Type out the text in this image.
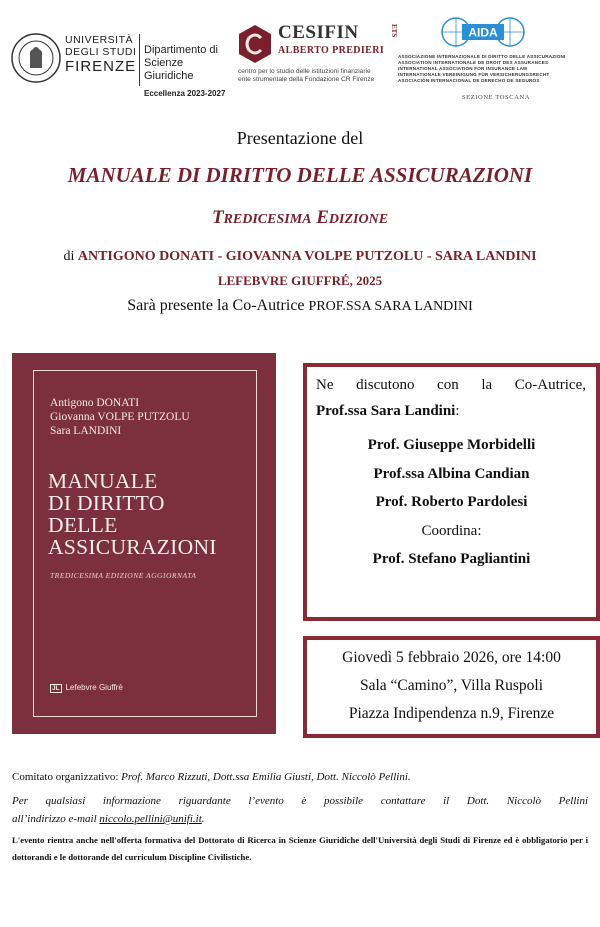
UNIVERSITÀ
DEGLI STUDI
FIRENZE
Dipartimento di
Scienze Giuridiche
Eccellenza 2023-2027
CESIFIN	ETS
ALBERTO PREDIERI
centro per lo studio delle istituzioni finanziarie
ente strumentale della Fondazione CR Firenze
AIDA
ASSOCIAZIONE INTERNAZIONALE DI DIRITTO DELLE ASSICURAZIONI
ASSOCIATION INTERNATIONALE DE DROIT DES ASSURANCES
INTERNATIONAL ASSOCIATION FOR INSURANCE LAW
INTERNATIONALE VEREINIGUNG FÜR VERSICHERUNGSRECHT
ASOCIACIÓN INTERNACIONAL DE DERECHO DE SEGUROS
SEZIONE TOSCANA
Presentazione del
MANUALE DI DIRITTO DELLE ASSICURAZIONI
TREDICESIMA EDIZIONE
di ANTIGONO DONATI - GIOVANNA VOLPE PUTZOLU - SARA LANDINI
LEFEBVRE GIUFFRÉ, 2025
Sarà presente la Co-Autrice PROF.SSA SARA LANDINI
Antigono DONATI
Giovanna VOLPE PUTZOLU
Sara LANDINI
MANUALE
DI DIRITTO
DELLE
ASSICURAZIONI
TREDICESIMA EDIZIONE AGGIORNATA
JL Lefebvre Giuffrè
Ne discutono con la Co-Autrice,
Prof.ssa Sara Landini:
Prof. Giuseppe Morbidelli
Prof.ssa Albina Candian
Prof. Roberto Pardolesi
Coordina:
Prof. Stefano Pagliantini
Giovedì 5 febbraio 2026, ore 14:00
Sala “Camino”, Villa Ruspoli
Piazza Indipendenza n.9, Firenze
Comitato organizzativo: Prof. Marco Rizzuti, Dott.ssa Emilia Giusti, Dott. Niccolò Pellini.
Per qualsiasi informazione riguardante l’evento è possibile contattare il Dott. Niccolò Pellini
all’indirizzo e-mail niccolo.pellini@unifi.it.
L'evento rientra anche nell'offerta formativa del Dottorato di Ricerca in Scienze Giuridiche dell'Università degli Studi di Firenze ed è obbligatorio per i dottorandi e le dottorande del curriculum Discipline Civilistiche.
